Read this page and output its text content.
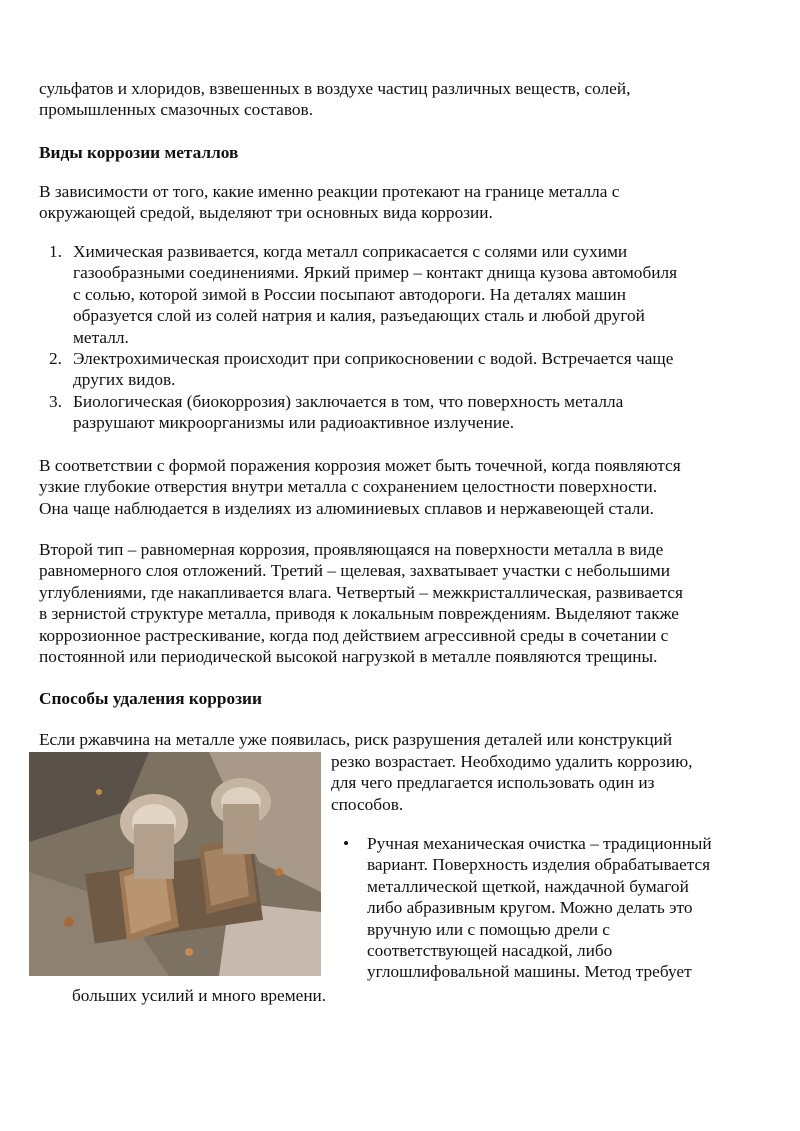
сульфатов и хлоридов, взвешенных в воздухе частиц различных веществ, солей,
промышленных смазочных составов.

Виды коррозии металлов

В зависимости от того, какие именно реакции протекают на границе металла с
окружающей средой, выделяют три основных вида коррозии.

1. Химическая развивается, когда металл соприкасается с солями или сухими
газообразными соединениями. Яркий пример – контакт днища кузова автомобиля
с солью, которой зимой в России посыпают автодороги. На деталях машин
образуется слой из солей натрия и калия, разъедающих сталь и любой другой
металл.
2. Электрохимическая происходит при соприкосновении с водой. Встречается чаще
других видов.
3. Биологическая (биокоррозия) заключается в том, что поверхность металла
разрушают микроорганизмы или радиоактивное излучение.

В соответствии с формой поражения коррозия может быть точечной, когда появляются
узкие глубокие отверстия внутри металла с сохранением целостности поверхности.
Она чаще наблюдается в изделиях из алюминиевых сплавов и нержавеющей стали.

Второй тип – равномерная коррозия, проявляющаяся на поверхности металла в виде
равномерного слоя отложений. Третий – щелевая, захватывает участки с небольшими
углублениями, где накапливается влага. Четвертый – межкристаллическая, развивается
в зернистой структуре металла, приводя к локальным повреждениям. Выделяют также
коррозионное растрескивание, когда под действием агрессивной среды в сочетании с
постоянной или периодической высокой нагрузкой в металле появляются трещины.

Способы удаления коррозии

Если ржавчина на металле уже появилась, риск разрушения деталей или конструкций

резко возрастает. Необходимо удалить коррозию,
для чего предлагается использовать один из
способов.

• Ручная механическая очистка – традиционный
вариант. Поверхность изделия обрабатывается
металлической щеткой, наждачной бумагой
либо абразивным кругом. Можно делать это
вручную или с помощью дрели с
соответствующей насадкой, либо
углошлифовальной машины. Метод требует

больших усилий и много времени.
